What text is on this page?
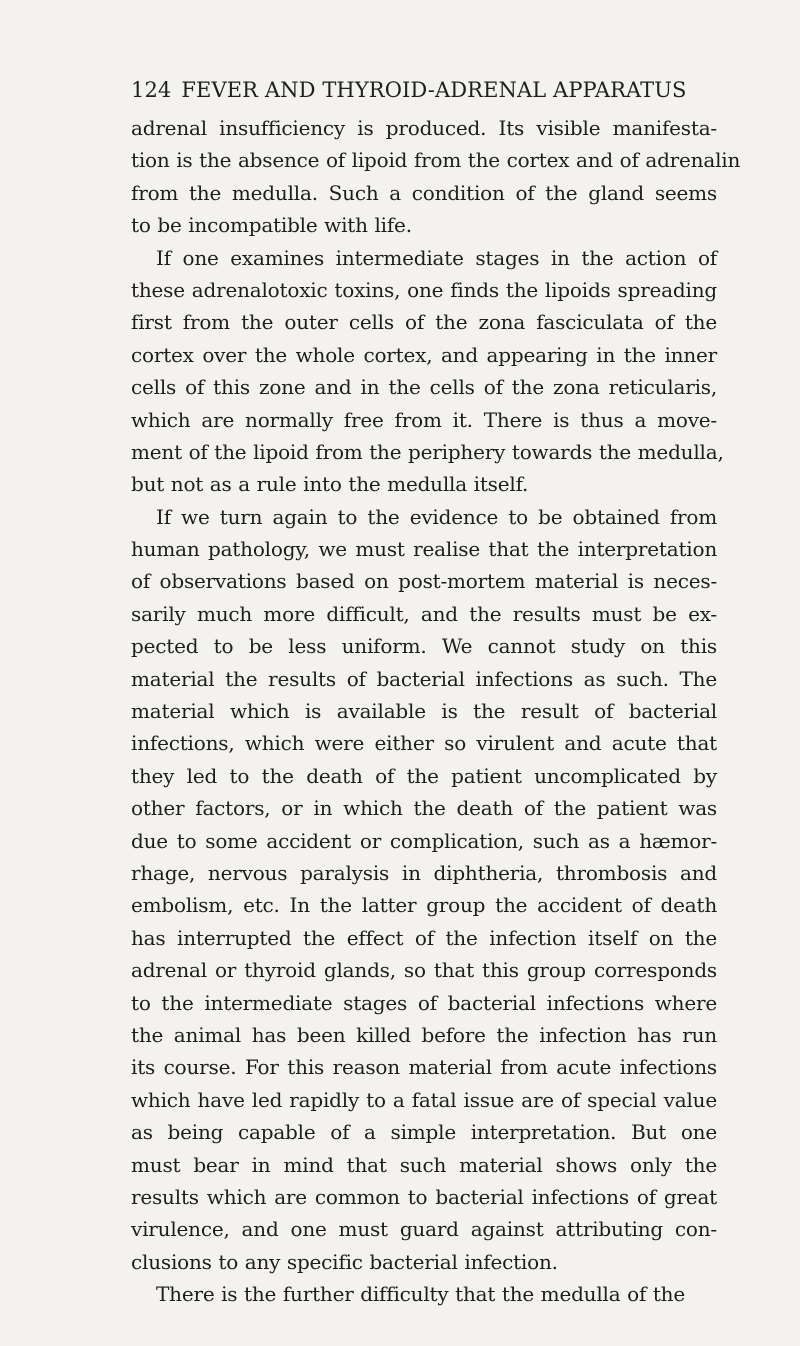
124 FEVER AND THYROID-ADRENAL APPARATUS
adrenal insufficiency is produced. Its visible manifesta-
tion is the absence of lipoid from the cortex and of adrenalin
from the medulla. Such a condition of the gland seems
to be incompatible with life.
If one examines intermediate stages in the action of
these adrenalotoxic toxins, one finds the lipoids spreading
first from the outer cells of the zona fasciculata of the
cortex over the whole cortex, and appearing in the inner
cells of this zone and in the cells of the zona reticularis,
which are normally free from it. There is thus a move-
ment of the lipoid from the periphery towards the medulla,
but not as a rule into the medulla itself.
If we turn again to the evidence to be obtained from
human pathology, we must realise that the interpretation
of observations based on post-mortem material is neces-
sarily much more difficult, and the results must be ex-
pected to be less uniform. We cannot study on this
material the results of bacterial infections as such. The
material which is available is the result of bacterial
infections, which were either so virulent and acute that
they led to the death of the patient uncomplicated by
other factors, or in which the death of the patient was
due to some accident or complication, such as a hæmor-
rhage, nervous paralysis in diphtheria, thrombosis and
embolism, etc. In the latter group the accident of death
has interrupted the effect of the infection itself on the
adrenal or thyroid glands, so that this group corresponds
to the intermediate stages of bacterial infections where
the animal has been killed before the infection has run
its course. For this reason material from acute infections
which have led rapidly to a fatal issue are of special value
as being capable of a simple interpretation. But one
must bear in mind that such material shows only the
results which are common to bacterial infections of great
virulence, and one must guard against attributing con-
clusions to any specific bacterial infection.
There is the further difficulty that the medulla of the
